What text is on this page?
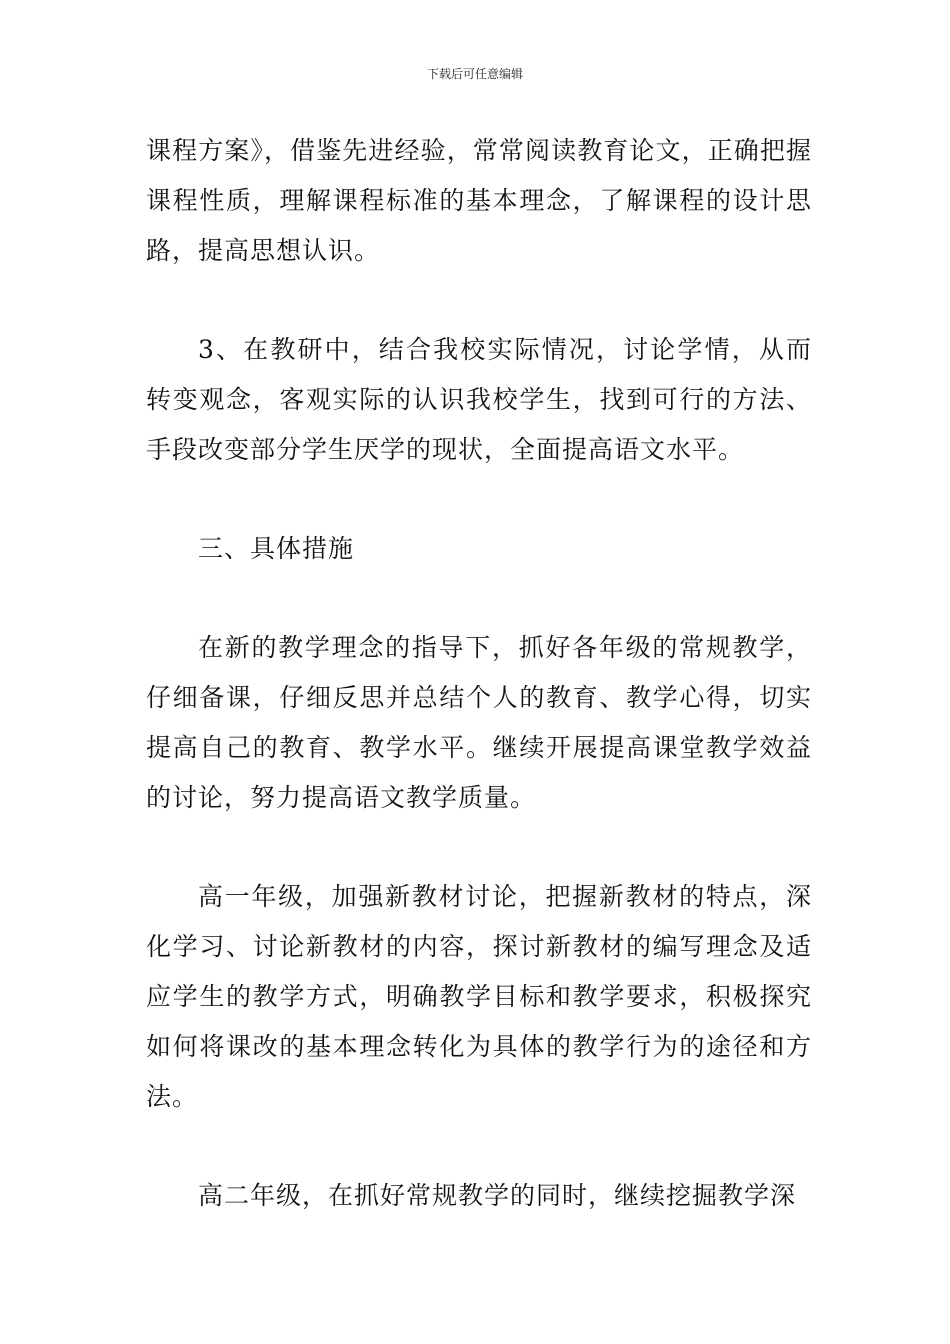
下载后可任意编辑

课程方案》，借鉴先进经验，常常阅读教育论文，正确把握课程性质，理解课程标准的基本理念，了解课程的设计思路，提高思想认识。

3、在教研中，结合我校实际情况，讨论学情，从而转变观念，客观实际的认识我校学生，找到可行的方法、手段改变部分学生厌学的现状，全面提高语文水平。

三、具体措施

在新的教学理念的指导下，抓好各年级的常规教学，仔细备课，仔细反思并总结个人的教育、教学心得，切实提高自己的教育、教学水平。继续开展提高课堂教学效益的讨论，努力提高语文教学质量。

高一年级，加强新教材讨论，把握新教材的特点，深化学习、讨论新教材的内容，探讨新教材的编写理念及适应学生的教学方式，明确教学目标和教学要求，积极探究如何将课改的基本理念转化为具体的教学行为的途径和方法。

高二年级，在抓好常规教学的同时，继续挖掘教学深
